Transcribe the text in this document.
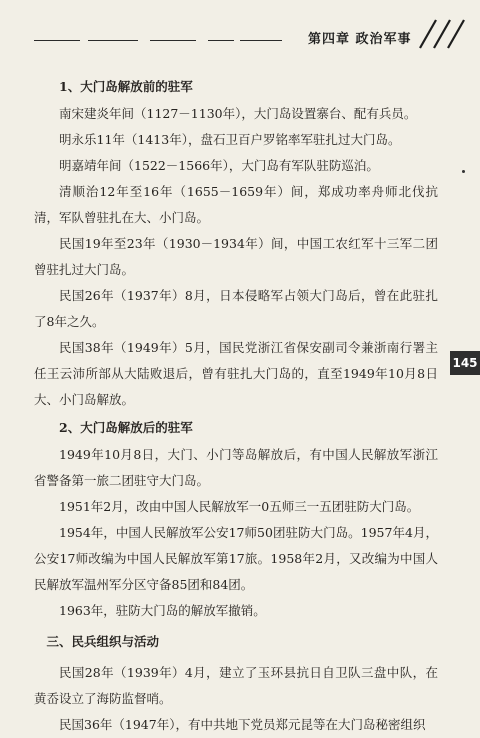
第四章 政治军事
145

1、大门岛解放前的驻军

南宋建炎年间（1127－1130年），大门岛设置寨台、配有兵员。

明永乐11年（1413年），盘石卫百户罗铭率军驻扎过大门岛。

明嘉靖年间（1522－1566年），大门岛有军队驻防巡泊。

清顺治12年至16年（1655－1659年）间，郑成功率舟师北伐抗清，军队曾驻扎在大、小门岛。

民国19年至23年（1930－1934年）间，中国工农红军十三军二团曾驻扎过大门岛。

民国26年（1937年）8月，日本侵略军占领大门岛后，曾在此驻扎了8年之久。

民国38年（1949年）5月，国民党浙江省保安副司令兼浙南行署主任王云沛所部从大陆败退后，曾有驻扎大门岛的，直至1949年10月8日大、小门岛解放。

2、大门岛解放后的驻军

1949年10月8日，大门、小门等岛解放后，有中国人民解放军浙江省警备第一旅二团驻守大门岛。

1951年2月，改由中国人民解放军一0五师三一五团驻防大门岛。

1954年，中国人民解放军公安17师50团驻防大门岛。1957年4月，公安17师改编为中国人民解放军第17旅。1958年2月，又改编为中国人民解放军温州军分区守备85团和84团。

1963年，驻防大门岛的解放军撤销。

三、民兵组织与活动

民国28年（1939年）4月，建立了玉环县抗日自卫队三盘中队，在黄岙设立了海防监督哨。

民国36年（1947年），有中共地下党员郑元昆等在大门岛秘密组织
